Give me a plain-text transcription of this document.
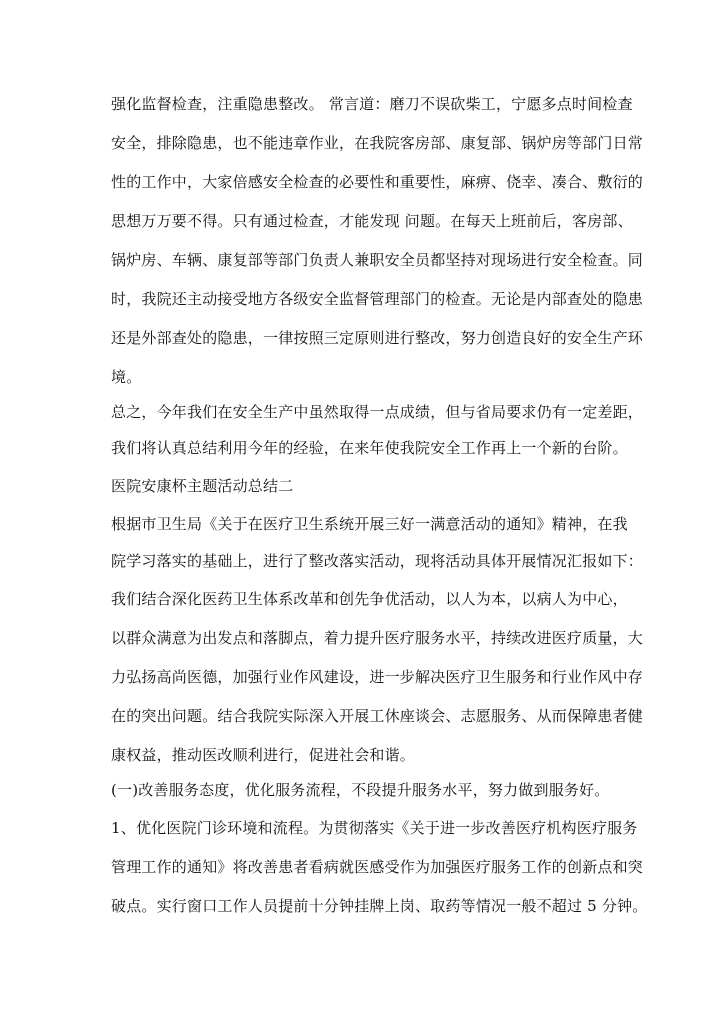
强化监督检查，注重隐患整改。 常言道：磨刀不误砍柴工，宁愿多点时间检查
安全，排除隐患，也不能违章作业，在我院客房部、康复部、锅炉房等部门日常
性的工作中，大家倍感安全检查的必要性和重要性，麻痹、侥幸、凑合、敷衍的
思想万万要不得。只有通过检查，才能发现 问题。在每天上班前后，客房部、
锅炉房、车辆、康复部等部门负责人兼职安全员都坚持对现场进行安全检查。同
时，我院还主动接受地方各级安全监督管理部门的检查。无论是内部查处的隐患
还是外部查处的隐患，一律按照三定原则进行整改，努力创造良好的安全生产环
境。
总之，今年我们在安全生产中虽然取得一点成绩，但与省局要求仍有一定差距，
我们将认真总结利用今年的经验，在来年使我院安全工作再上一个新的台阶。
医院安康杯主题活动总结二
根据市卫生局《关于在医疗卫生系统开展三好一满意活动的通知》精神，在我
院学习落实的基础上，进行了整改落实活动，现将活动具体开展情况汇报如下：
我们结合深化医药卫生体系改革和创先争优活动，以人为本，以病人为中心，
以群众满意为出发点和落脚点，着力提升医疗服务水平，持续改进医疗质量，大
力弘扬高尚医德，加强行业作风建设，进一步解决医疗卫生服务和行业作风中存
在的突出问题。结合我院实际深入开展工休座谈会、志愿服务、从而保障患者健
康权益，推动医改顺利进行，促进社会和谐。
(一)改善服务态度，优化服务流程，不段提升服务水平，努力做到服务好。
1、优化医院门诊环境和流程。为贯彻落实《关于进一步改善医疗机构医疗服务
管理工作的通知》将改善患者看病就医感受作为加强医疗服务工作的创新点和突
破点。实行窗口工作人员提前十分钟挂牌上岗、取药等情况一般不超过 5 分钟。
